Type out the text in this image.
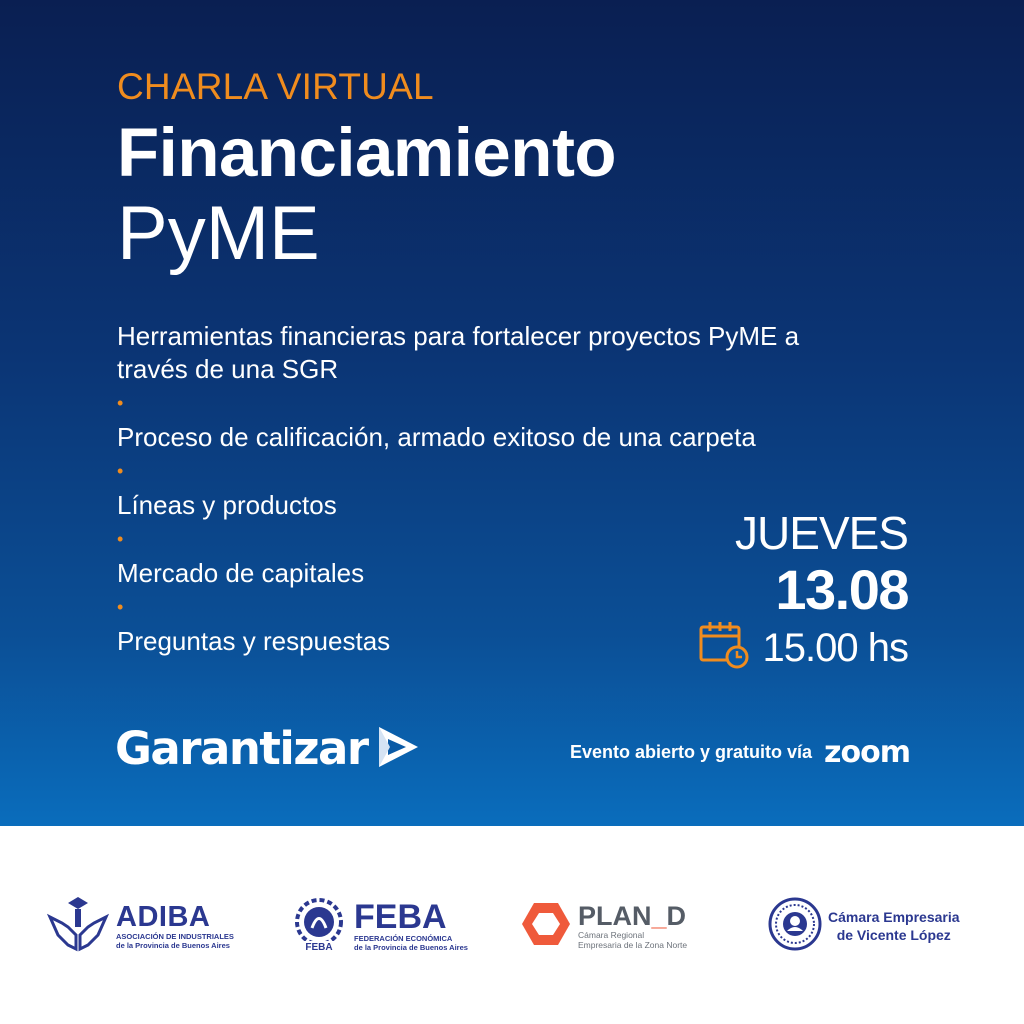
CHARLA VIRTUAL
Financiamiento
PyME
Herramientas financieras para fortalecer proyectos PyME a través de una SGR
•
Proceso de calificación, armado exitoso de una carpeta
•
Líneas y productos
•
Mercado de capitales
•
Preguntas y respuestas
JUEVES
13.08
15.00 hs
Garantizar	Evento abierto y gratuito vía zoom
ADIBA
ASOCIACIÓN DE INDUSTRIALES
de la Provincia de Buenos Aires	FEBA
FEBA
FEDERACIÓN ECONÓMICA
de la Provincia de Buenos Aires
PLAN_D
Cámara Regional
Empresaria de la Zona Norte
Cámara Empresaria
de Vicente López
